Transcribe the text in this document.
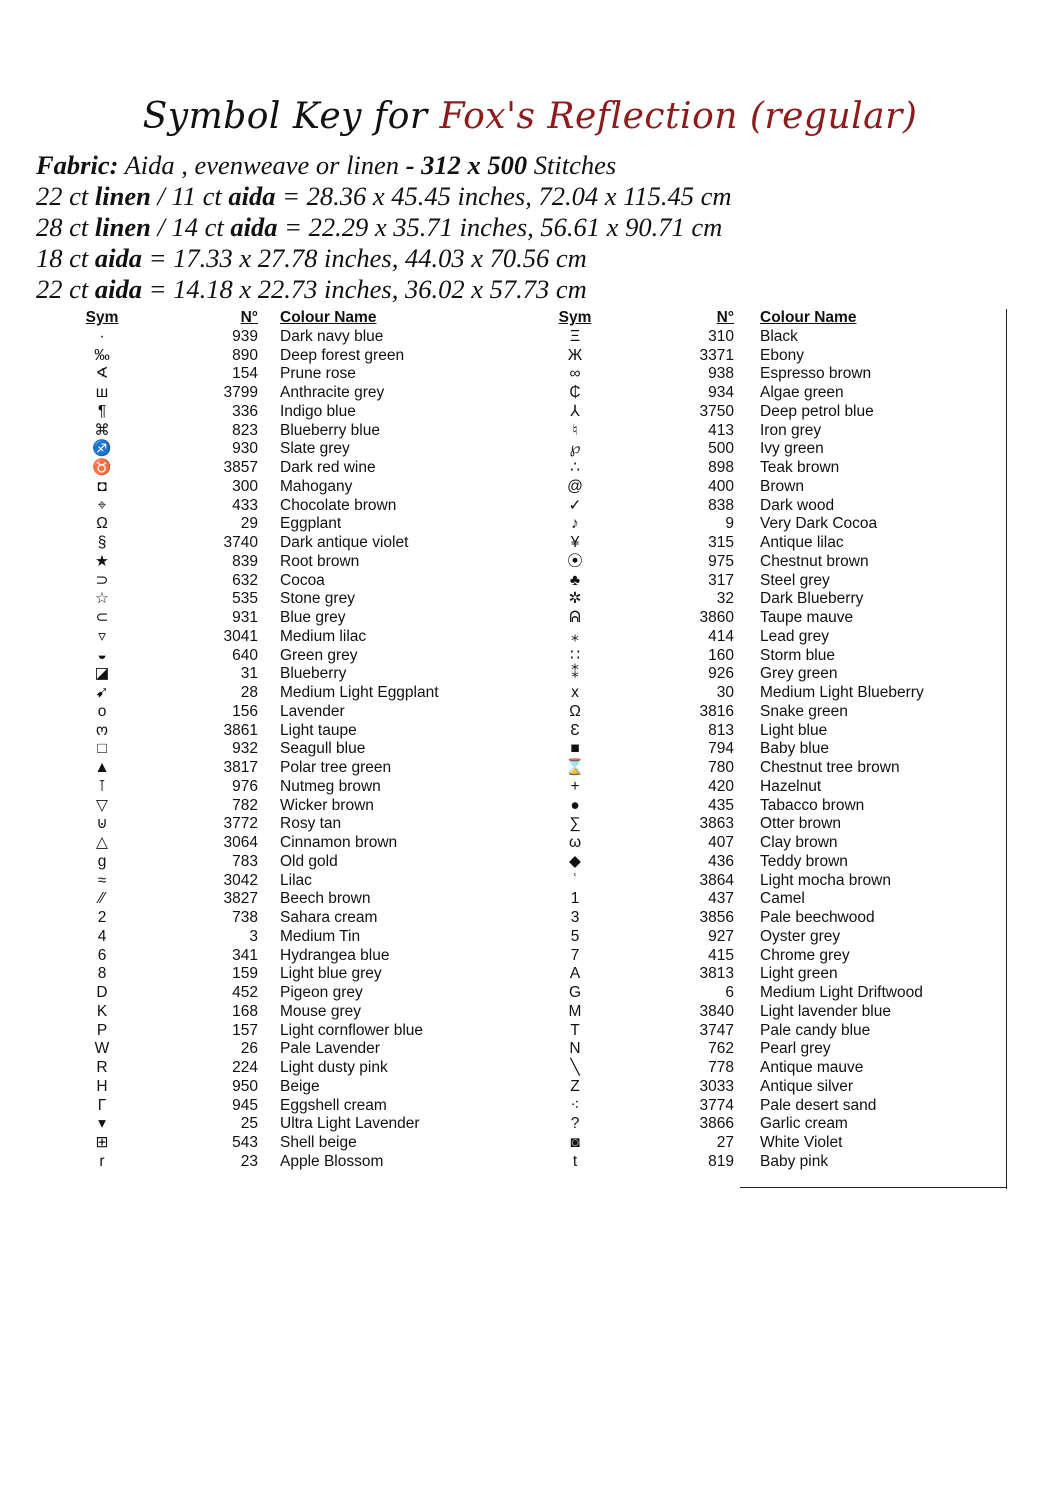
Symbol Key for Fox's Reflection (regular)
Fabric: Aida , evenweave or linen - 312 x 500 Stitches
22 ct linen / 11 ct aida = 28.36 x 45.45 inches, 72.04 x 115.45 cm
28 ct linen / 14 ct aida = 22.29 x 35.71 inches, 56.61 x 90.71 cm
18 ct aida = 17.33 x 27.78 inches, 44.03 x 70.56 cm
22 ct aida = 14.18 x 22.73 inches, 36.02 x 57.73 cm
Sym	N° Colour Name
·	939 Dark navy blue
‰	890 Deep forest green
∢	154 Prune rose
ш	3799 Anthracite grey
¶	336 Indigo blue
⌘	823 Blueberry blue
♐	930 Slate grey
♉	3857 Dark red wine
◘	300 Mahogany
⌖	433 Chocolate brown
Ω	29 Eggplant
§	3740 Dark antique violet
★	839 Root brown
⊃	632 Cocoa
☆	535 Stone grey
⊂	931 Blue grey
▿	3041 Medium lilac
◒	640 Green grey
◪	31 Blueberry
➹	28 Medium Light Eggplant
o	156 Lavender
ო	3861 Light taupe
□	932 Seagull blue
▲	3817 Polar tree green
⊺	976 Nutmeg brown
▽	782 Wicker brown
⊍	3772 Rosy tan
△	3064 Cinnamon brown
g	783 Old gold
≈	3042 Lilac
⁄⁄	3827 Beech brown
2	738 Sahara cream
4	3 Medium Tin
6	341 Hydrangea blue
8	159 Light blue grey
D	452 Pigeon grey
K	168 Mouse grey
P	157 Light cornflower blue
W	26 Pale Lavender
R	224 Light dusty pink
H	950 Beige
Γ	945 Eggshell cream
▾	25 Ultra Light Lavender
⊞	543 Shell beige
r	23 Apple Blossom
Sym	N° Colour Name
Ξ	310 Black
Ж	3371 Ebony
∞	938 Espresso brown
₵	934 Algae green
⅄	3750 Deep petrol blue
♮	413 Iron grey
℘	500 Ivy green
∴	898 Teak brown
@	400 Brown
✓	838 Dark wood
♪	9 Very Dark Cocoa
¥	315 Antique lilac
⦿	975 Chestnut brown
♣	317 Steel grey
✲	32 Dark Blueberry
ᕱ	3860 Taupe mauve
⁎	414 Lead grey
∷	160 Storm blue
⁑	926 Grey green
x	30 Medium Light Blueberry
Ω	3816 Snake green
Ɛ	813 Light blue
■	794 Baby blue
⌛	780 Chestnut tree brown
+	420 Hazelnut
●	435 Tabacco brown
∑	3863 Otter brown
ω	407 Clay brown
◆	436 Teddy brown
ʿ	3864 Light mocha brown
1	437 Camel
3	3856 Pale beechwood
5	927 Oyster grey
7	415 Chrome grey
A	3813 Light green
G	6 Medium Light Driftwood
M	3840 Light lavender blue
T	3747 Pale candy blue
N	762 Pearl grey
╲	778 Antique mauve
Z	3033 Antique silver
⁖	3774 Pale desert sand
?	3866 Garlic cream
◙	27 White Violet
t	819 Baby pink
